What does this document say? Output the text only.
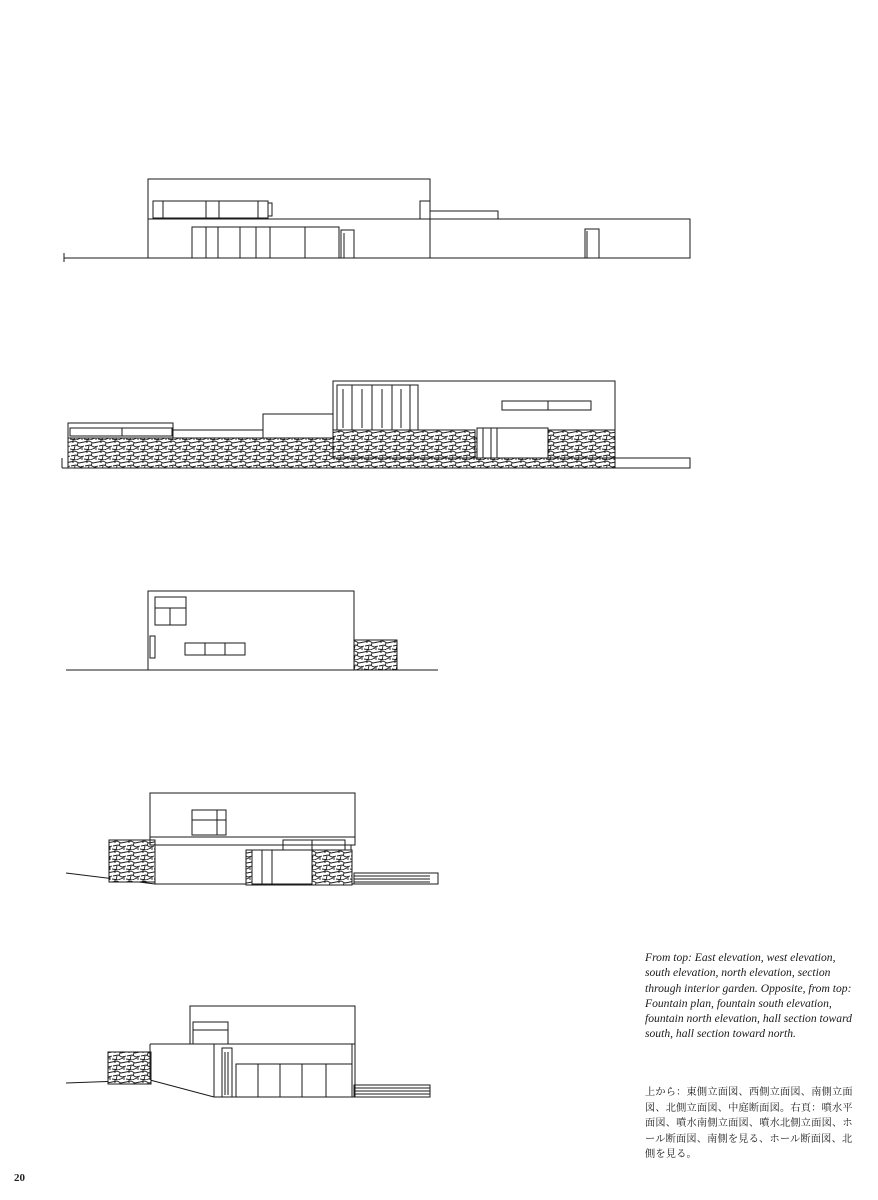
From top: East elevation, west elevation, south elevation, north elevation, section through interior garden. Opposite, from top: Fountain plan, fountain south elevation, fountain north elevation, hall section toward south, hall section toward north.

上から：東側立面図、西側立面図、南側立面図、北側立面図、中庭断面図。右頁：噴水平面図、噴水南側立面図、噴水北側立面図、ホール断面図、南側を見る、ホール断面図、北側を見る。

20
